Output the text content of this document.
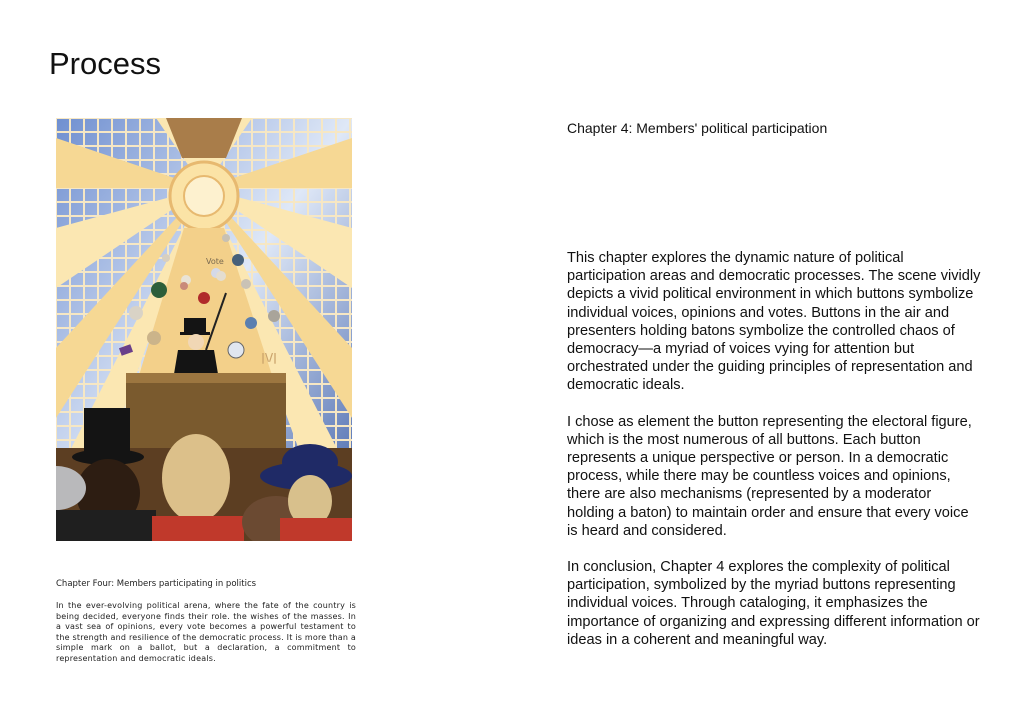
Process
Vote
|\/|
Chapter Four: Members participating in politics
In the ever-evolving political arena, where the fate of the country is being decided, everyone finds their role. the wishes of the masses. In a vast sea of opinions, every vote becomes a powerful testament to the strength and resilience of the democratic process. It is more than a simple mark on a ballot, but a declaration, a commitment to representation and democratic ideals.
Chapter 4: Members' political participation

This chapter explores the dynamic nature of political participation areas and democratic processes. The scene vividly depicts a vivid political environment in which buttons symbolize individual voices, opinions and votes. Buttons in the air and presenters holding batons symbolize the controlled chaos of democracy—a myriad of voices vying for attention but orchestrated under the guiding principles of representation and democratic ideals.

I chose as element the button representing the electoral figure, which is the most numerous of all buttons. Each button represents a unique perspective or person. In a democratic process, while there may be countless voices and opinions, there are also mechanisms (represented by a moderator holding a baton) to maintain order and ensure that every voice is heard and considered.

In conclusion, Chapter 4 explores the complexity of political participation, symbolized by the myriad buttons representing individual voices. Through cataloging, it emphasizes the importance of organizing and expressing different information or ideas in a coherent and meaningful way.
